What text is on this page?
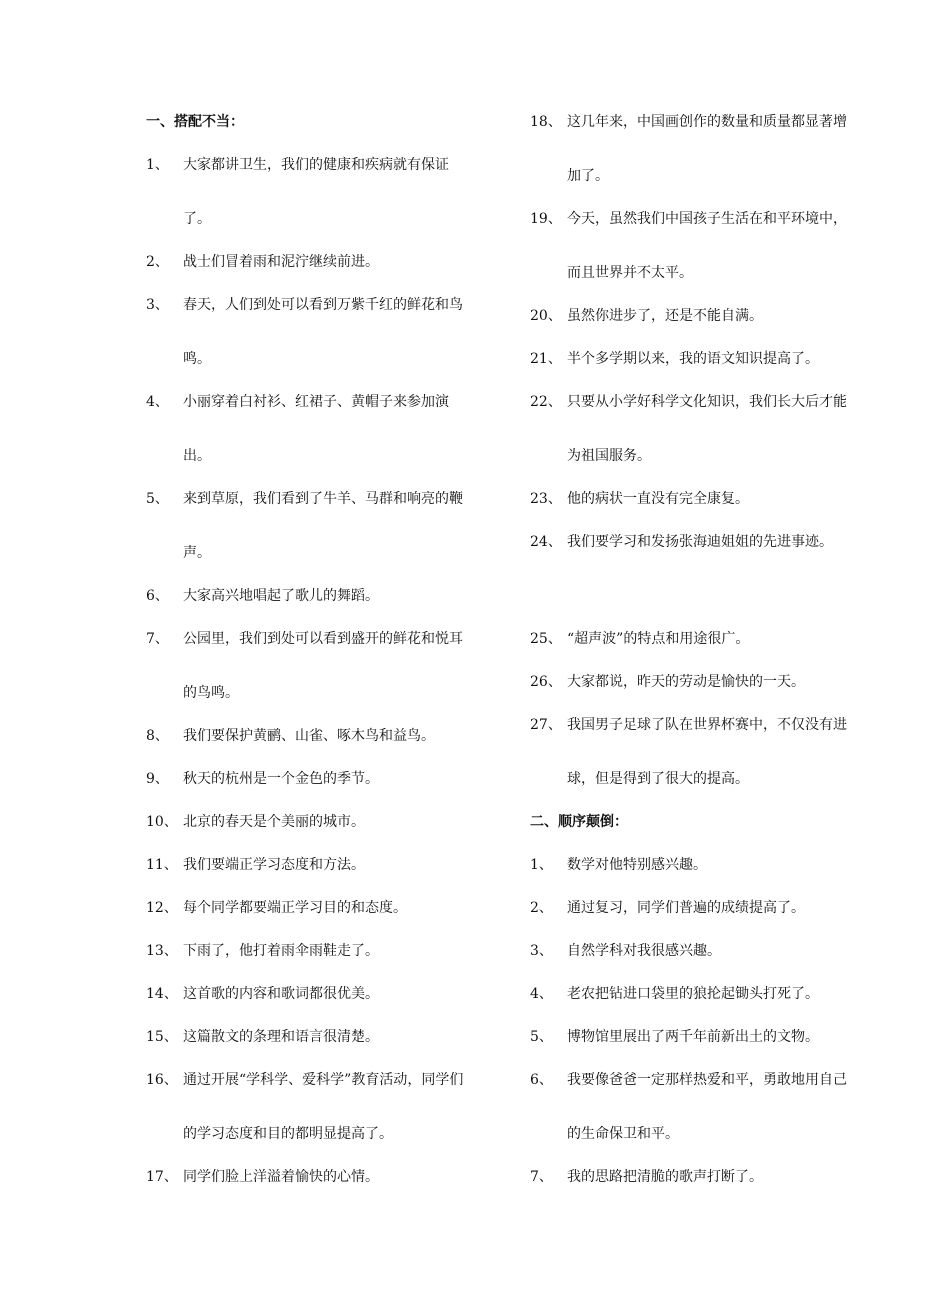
一、搭配不当：
1、	大家都讲卫生，我们的健康和疾病就有保证了。
2、	战士们冒着雨和泥泞继续前进。
3、	春天，人们到处可以看到万紫千红的鲜花和鸟鸣。
4、	小丽穿着白衬衫、红裙子、黄帽子来参加演出。
5、	来到草原，我们看到了牛羊、马群和响亮的鞭声。
6、	大家高兴地唱起了歌儿的舞蹈。
7、	公园里，我们到处可以看到盛开的鲜花和悦耳的鸟鸣。
8、	我们要保护黄鹂、山雀、啄木鸟和益鸟。
9、	秋天的杭州是一个金色的季节。
10、 北京的春天是个美丽的城市。
11、 我们要端正学习态度和方法。
12、 每个同学都要端正学习目的和态度。
13、 下雨了，他打着雨伞雨鞋走了。
14、 这首歌的内容和歌词都很优美。
15、 这篇散文的条理和语言很清楚。
16、 通过开展“学科学、爱科学”教育活动，同学们的学习态度和目的都明显提高了。
17、 同学们脸上洋溢着愉快的心情。
18、 这几年来，中国画创作的数量和质量都显著增加了。
19、 今天，虽然我们中国孩子生活在和平环境中，而且世界并不太平。
20、 虽然你进步了，还是不能自满。
21、 半个多学期以来，我的语文知识提高了。
22、 只要从小学好科学文化知识，我们长大后才能为祖国服务。
23、 他的病状一直没有完全康复。
24、 我们要学习和发扬张海迪姐姐的先进事迹。
25、 “超声波”的特点和用途很广。
26、 大家都说，昨天的劳动是愉快的一天。
27、 我国男子足球了队在世界杯赛中，不仅没有进球，但是得到了很大的提高。
二、顺序颠倒：
1、	数学对他特别感兴趣。
2、	通过复习，同学们普遍的成绩提高了。
3、	自然学科对我很感兴趣。
4、	老农把钻进口袋里的狼抡起锄头打死了。
5、	博物馆里展出了两千年前新出土的文物。
6、	我要像爸爸一定那样热爱和平，勇敢地用自己的生命保卫和平。
7、	我的思路把清脆的歌声打断了。
